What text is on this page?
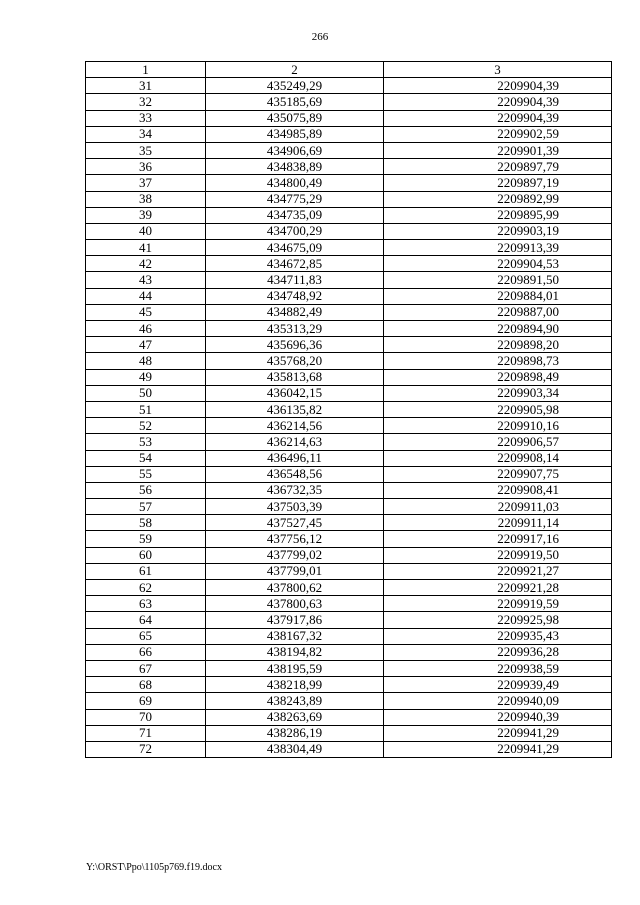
266
1	2	3
31	435249,29	2209904,39
32	435185,69	2209904,39
33	435075,89	2209904,39
34	434985,89	2209902,59
35	434906,69	2209901,39
36	434838,89	2209897,79
37	434800,49	2209897,19
38	434775,29	2209892,99
39	434735,09	2209895,99
40	434700,29	2209903,19
41	434675,09	2209913,39
42	434672,85	2209904,53
43	434711,83	2209891,50
44	434748,92	2209884,01
45	434882,49	2209887,00
46	435313,29	2209894,90
47	435696,36	2209898,20
48	435768,20	2209898,73
49	435813,68	2209898,49
50	436042,15	2209903,34
51	436135,82	2209905,98
52	436214,56	2209910,16
53	436214,63	2209906,57
54	436496,11	2209908,14
55	436548,56	2209907,75
56	436732,35	2209908,41
57	437503,39	2209911,03
58	437527,45	2209911,14
59	437756,12	2209917,16
60	437799,02	2209919,50
61	437799,01	2209921,27
62	437800,62	2209921,28
63	437800,63	2209919,59
64	437917,86	2209925,98
65	438167,32	2209935,43
66	438194,82	2209936,28
67	438195,59	2209938,59
68	438218,99	2209939,49
69	438243,89	2209940,09
70	438263,69	2209940,39
71	438286,19	2209941,29
72	438304,49	2209941,29
Y:\ORST\Ppo\1105p769.f19.docx
